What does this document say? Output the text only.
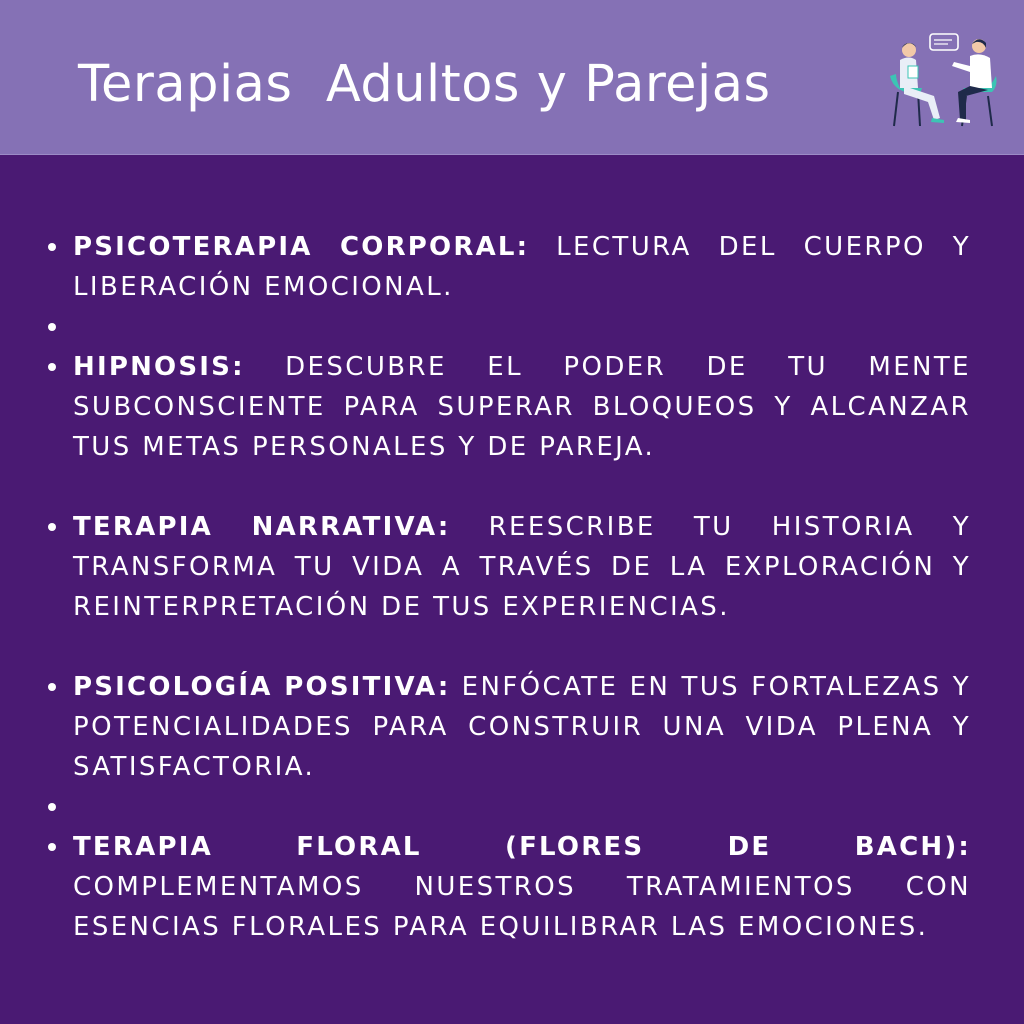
Terapias  Adultos y Parejas
PSICOTERAPIA CORPORAL: LECTURA DEL CUERPO Y LIBERACIÓN EMOCIONAL.
HIPNOSIS: DESCUBRE EL PODER DE TU MENTE SUBCONSCIENTE PARA SUPERAR BLOQUEOS Y ALCANZAR TUS METAS PERSONALES Y DE PAREJA.
TERAPIA NARRATIVA: REESCRIBE TU HISTORIA Y TRANSFORMA TU VIDA A TRAVÉS DE LA EXPLORACIÓN Y REINTERPRETACIÓN DE TUS EXPERIENCIAS.
PSICOLOGÍA POSITIVA: ENFÓCATE EN TUS FORTALEZAS Y POTENCIALIDADES PARA CONSTRUIR UNA VIDA PLENA Y SATISFACTORIA.
TERAPIA FLORAL (FLORES DE BACH): COMPLEMENTAMOS NUESTROS TRATAMIENTOS CON ESENCIAS FLORALES PARA EQUILIBRAR LAS EMOCIONES.
